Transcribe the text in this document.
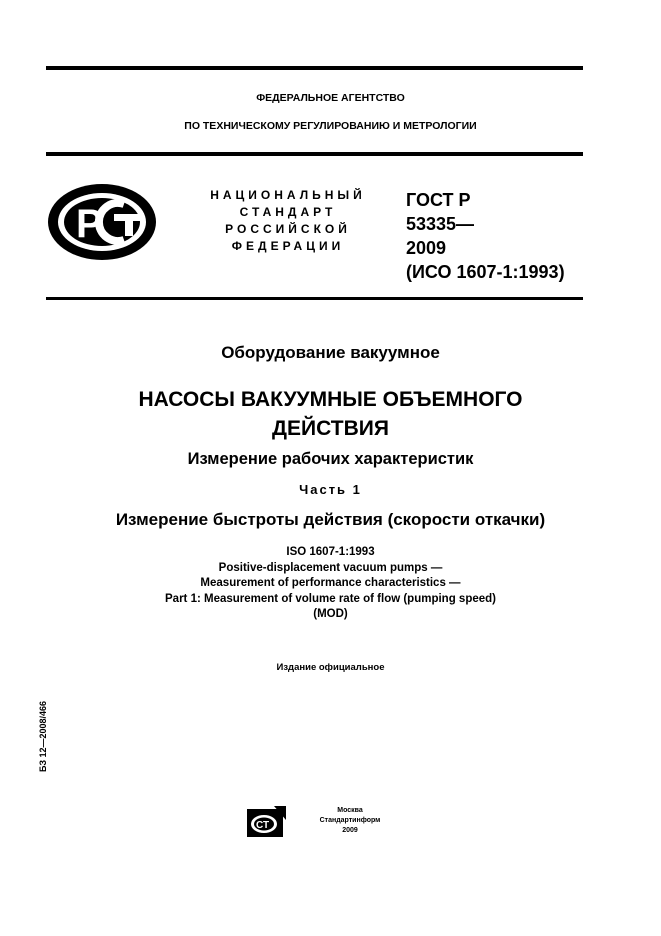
ФЕДЕРАЛЬНОЕ АГЕНТСТВО
ПО ТЕХНИЧЕСКОМУ РЕГУЛИРОВАНИЮ И МЕТРОЛОГИИ
Р
НАЦИОНАЛЬНЫЙ
СТАНДАРТ
РОССИЙСКОЙ
ФЕДЕРАЦИИ
ГОСТ Р
53335—
2009
(ИСО 1607-1:1993)
Оборудование вакуумное
НАСОСЫ ВАКУУМНЫЕ ОБЪЕМНОГО
ДЕЙСТВИЯ
Измерение рабочих характеристик
Часть 1
Измерение быстроты действия (скорости откачки)
ISO 1607-1:1993
Positive-displacement vacuum pumps —
Measurement of performance characteristics —
Part 1: Measurement of volume rate of flow (pumping speed)
(MOD)
Издание официальное
БЗ 12—2008/466
СТ
Москва
Стандартинформ
2009
